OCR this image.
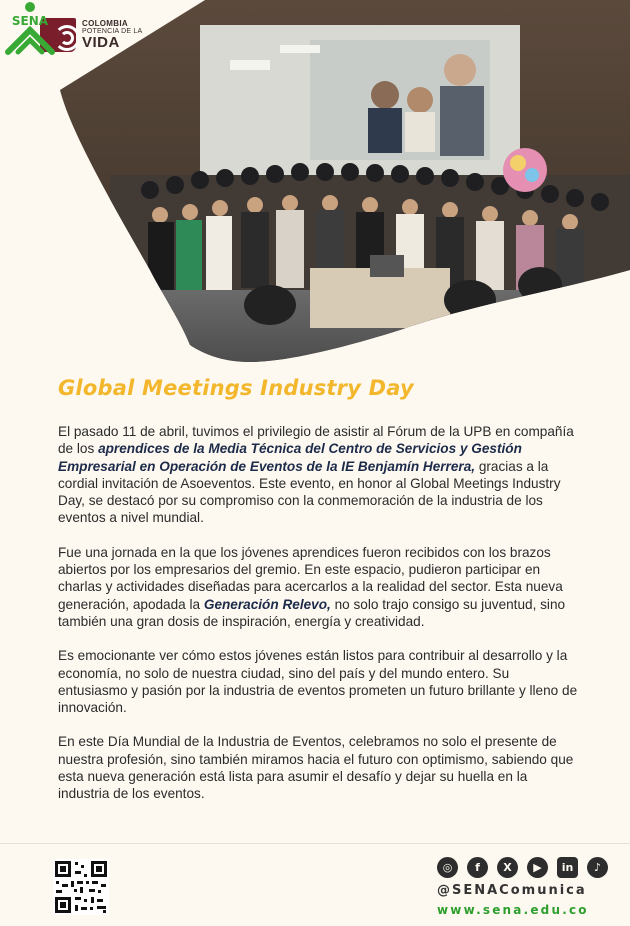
COLOMBIA
POTENCIA DE LA
VIDA
SENA
Global Meetings Industry Day

El pasado 11 de abril, tuvimos el privilegio de asistir al Fórum de la UPB en compañía de los aprendices de la Media Técnica del Centro de Servicios y Gestión Empresarial en Operación de Eventos de la IE Benjamín Herrera, gracias a la cordial invitación de Asoeventos. Este evento, en honor al Global Meetings Industry Day, se destacó por su compromiso con la conmemoración de la industria de los eventos a nivel mundial.

Fue una jornada en la que los jóvenes aprendices fueron recibidos con los brazos abiertos por los empresarios del gremio. En este espacio, pudieron participar en charlas y actividades diseñadas para acercarlos a la realidad del sector. Esta nueva generación, apodada la Generación Relevo, no solo trajo consigo su juventud, sino también una gran dosis de inspiración, energía y creatividad.

Es emocionante ver cómo estos jóvenes están listos para contribuir al desarrollo y la economía, no solo de nuestra ciudad, sino del país y del mundo entero. Su entusiasmo y pasión por la industria de eventos prometen un futuro brillante y lleno de innovación.

En este Día Mundial de la Industria de Eventos, celebramos no solo el presente de nuestra profesión, sino también miramos hacia el futuro con optimismo, sabiendo que esta nueva generación está lista para asumir el desafío y dejar su huella en la industria de los eventos.

◎	f	X	▶	in	♪
@SENAComunica
www.sena.edu.co
